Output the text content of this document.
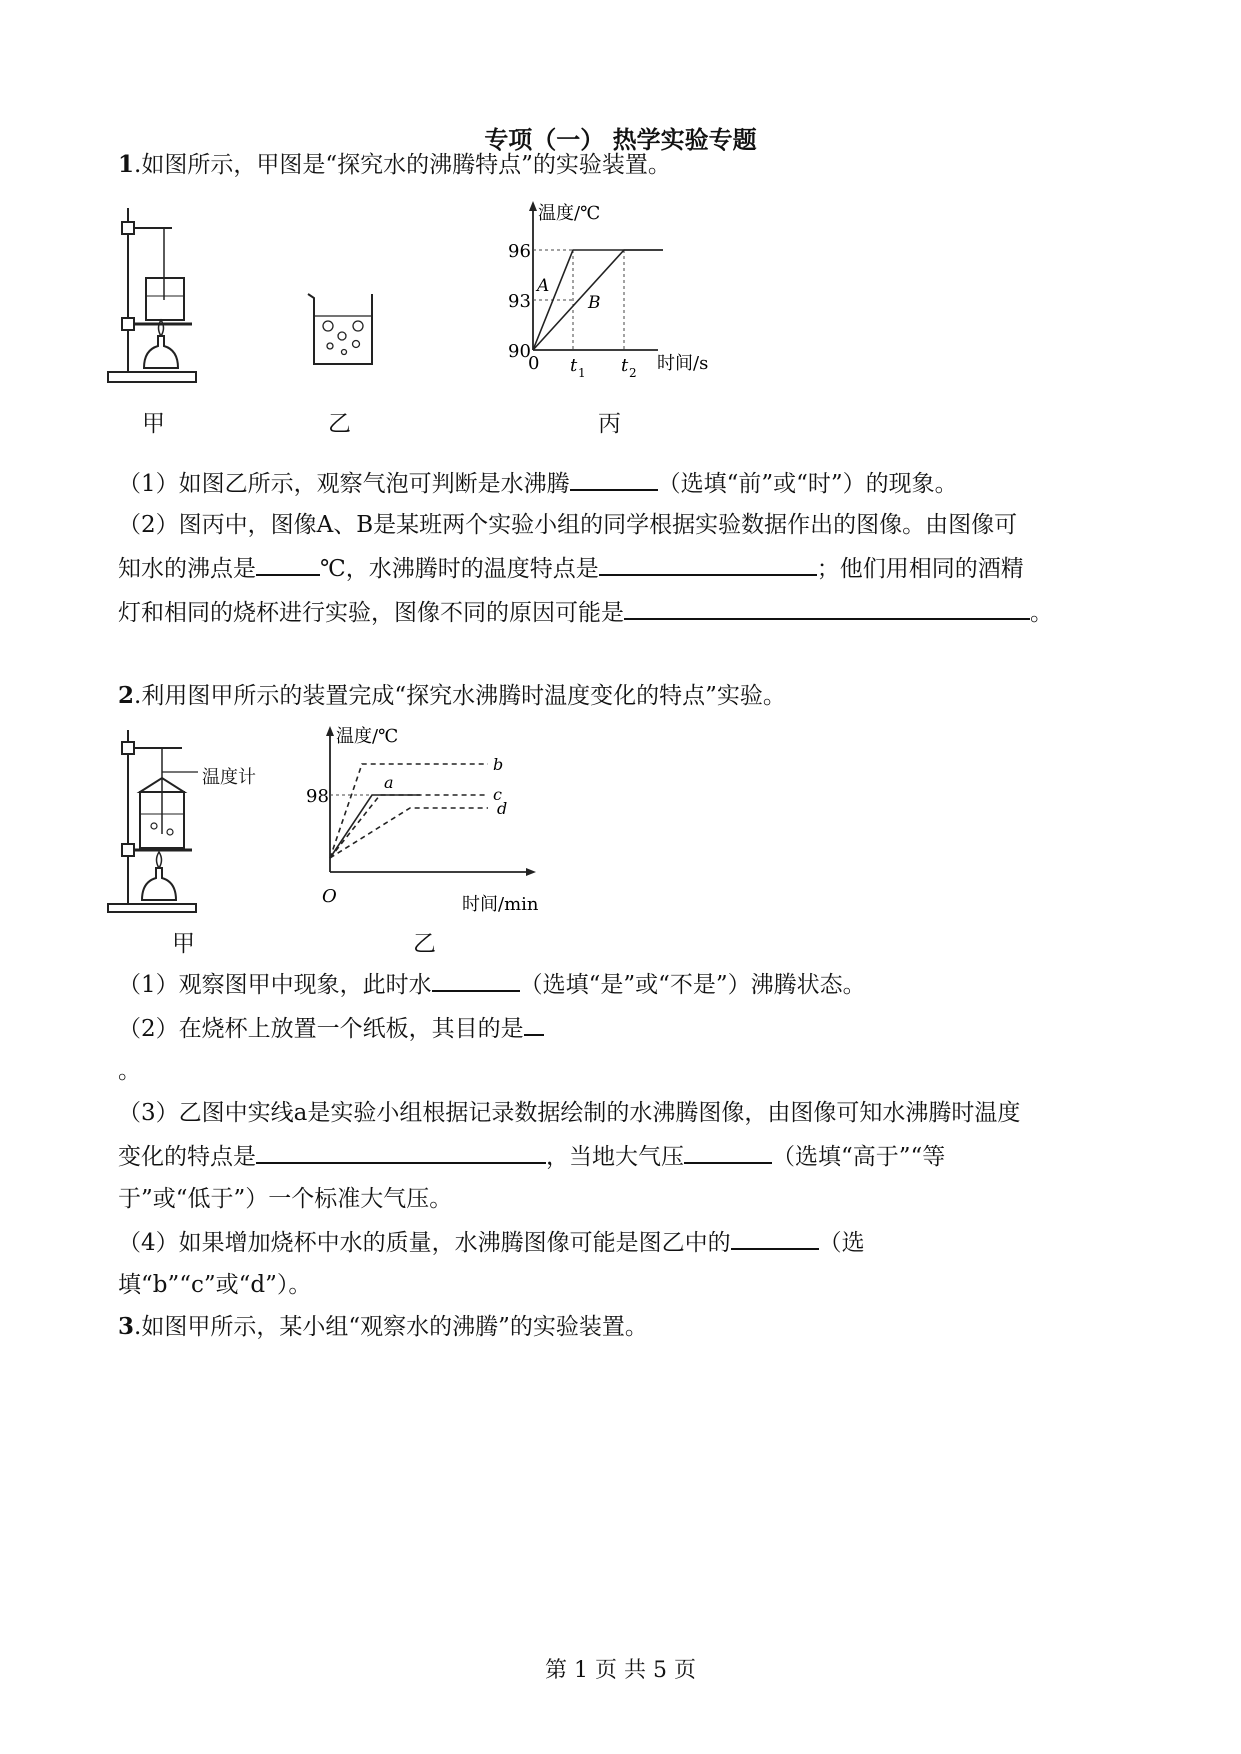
专项（一） 热学实验专题
1.如图所示，甲图是“探究水的沸腾特点”的实验装置。
甲	乙
温度/℃
时间/s
96
93
90
0 t 1 t 2
A
B
丙
（1）如图乙所示，观察气泡可判断是水沸腾	（选填“前”或“时”）的现象。
（2）图丙中，图像A、B是某班两个实验小组的同学根据实验数据作出的图像。由图像可
知水的沸点是	℃，水沸腾时的温度特点是	；他们用相同的酒精
灯和相同的烧杯进行实验，图像不同的原因可能是	。
2.利用图甲所示的装置完成“探究水沸腾时温度变化的特点”实验。
温度计
甲
温度/℃
时间/min
98
O
a
b
c
d
乙
（1）观察图甲中现象，此时水	（选填“是”或“不是”）沸腾状态。
（2）在烧杯上放置一个纸板，其目的是
。
（3）乙图中实线a是实验小组根据记录数据绘制的水沸腾图像，由图像可知水沸腾时温度
变化的特点是	，当地大气压	（选填“高于”“等
于”或“低于”）一个标准大气压。
（4）如果增加烧杯中水的质量，水沸腾图像可能是图乙中的	（选
填“b”“c”或“d”）。
3.如图甲所示，某小组“观察水的沸腾”的实验装置。
第 1 页 共 5 页
